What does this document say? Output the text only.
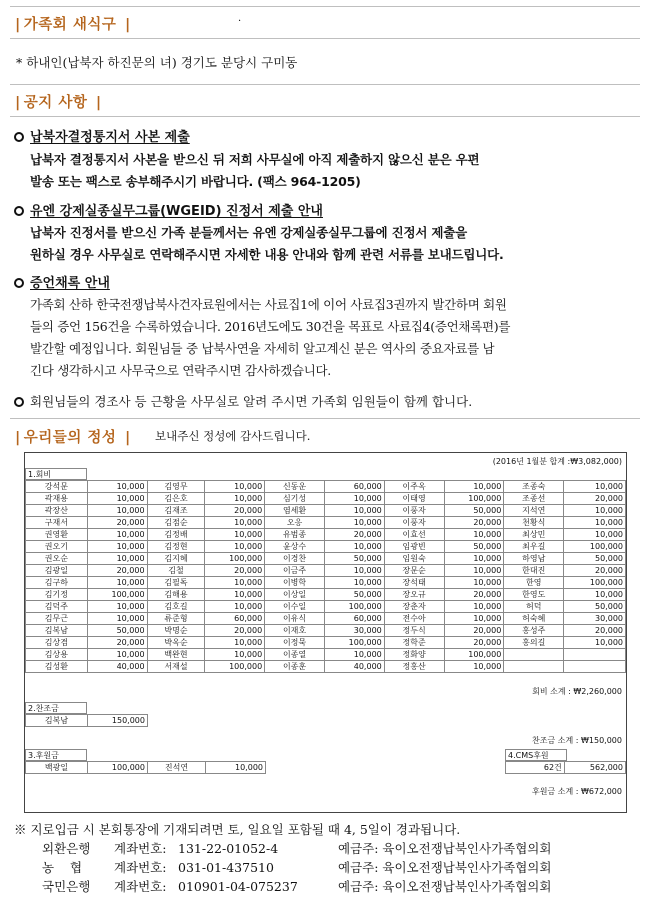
| 가족회 새식구 |	·
* 하내인(납북자 하진문의 녀) 경기도 분당시 구미동
| 공지 사항 |
납북자결정통지서 사본 제출
납북자 결정통지서 사본을 받으신 뒤 저희 사무실에 아직 제출하지 않으신 분은 우편
발송 또는 팩스로 송부해주시기 바랍니다. (팩스 964-1205)
유엔 강제실종실무그룹(WGEID) 진정서 제출 안내
납북자 진정서를 받으신 가족 분들께서는 유엔 강제실종실무그룹에 진정서 제출을
원하실 경우 사무실로 연락해주시면 자세한 내용 안내와 함께 관련 서류를 보내드립니다.
증언채록 안내
가족회 산하 한국전쟁납북사건자료원에서는 사료집1에 이어 사료집3권까지 발간하며 회원
들의 증언 156건을 수록하였습니다. 2016년도에도 30건을 목표로 사료집4(증언채록편)를
발간할 예정입니다. 회원님들 중 납북사연을 자세히 알고계신 분은 역사의 중요자료를 남
긴다 생각하시고 사무국으로 연락주시면 감사하겠습니다.
회원님들의 경조사 등 근황을 사무실로 알려 주시면 가족회 임원들이 함께 합니다.
| 우리들의 정성 | 보내주신 정성에 감사드립니다.
(2016년 1월분 합계 :₩3,082,000)
1.회비
강석문	10,000	김영무	10,000	신동운	60,000	이주옥	10,000	조종숙	10,000
곽재용	10,000	김은호	10,000	심기성	10,000	이태영	100,000	조종선	20,000
곽장산	10,000	김재조	20,000	염세환	10,000	이풍자	50,000	지석연	10,000
구재서	20,000	김점순	10,000	오응	10,000	이풍자	20,000	천황식	10,000
권영환	10,000	김정배	10,000	유범종	20,000	이효선	10,000	최상민	10,000
권오기	10,000	김정현	10,000	윤상수	10,000	임광빈	50,000	최우길	100,000
권오순	10,000	김지혜	100,000	이경찬	50,000	임원숙	10,000	하영남	50,000
김광일	20,000	김철	20,000	이금주	10,000	장문순	10,000	한대진	20,000
김구하	10,000	김필독	10,000	이병학	10,000	장석태	10,000	한영	100,000
김기정	100,000	김해용	10,000	이상일	50,000	장오규	20,000	한영도	10,000
김덕주	10,000	김호길	10,000	이수일	100,000	장춘자	10,000	허덕	50,000
김무근	10,000	류준형	60,000	이유식	60,000	전수아	10,000	허숙혜	30,000
김복남	50,000	박명순	20,000	이재호	30,000	정두식	20,000	홍성주	20,000
김상겸	20,000	박옥순	10,000	이정묵	100,000	정학준	20,000	홍의길	10,000
김상용	10,000	백완현	10,000	이종열	10,000	정화양	100,000		
김성환	40,000	서재설	100,000	이종훈	40,000	정홍산	10,000		
회비 소계 : ₩2,260,000
2.찬조금
김복남	150,000
찬조금 소계 : ₩150,000
3.후원금
백광일	100,000	진석연	10,000
4.CMS후원
62건	562,000
후원금 소계 : ₩672,000
※ 지로입금 시 본회통장에 기재되려면 토, 일요일 포함될 때 4, 5일이 경과됩니다.
외환은행 계좌번호: 131-22-01052-4	예금주: 육이오전쟁납북인사가족협의회
농    협	계좌번호: 031-01-437510	예금주: 육이오전쟁납북인사가족협의회
국민은행 계좌번호: 010901-04-075237	예금주: 육이오전쟁납북인사가족협의회
